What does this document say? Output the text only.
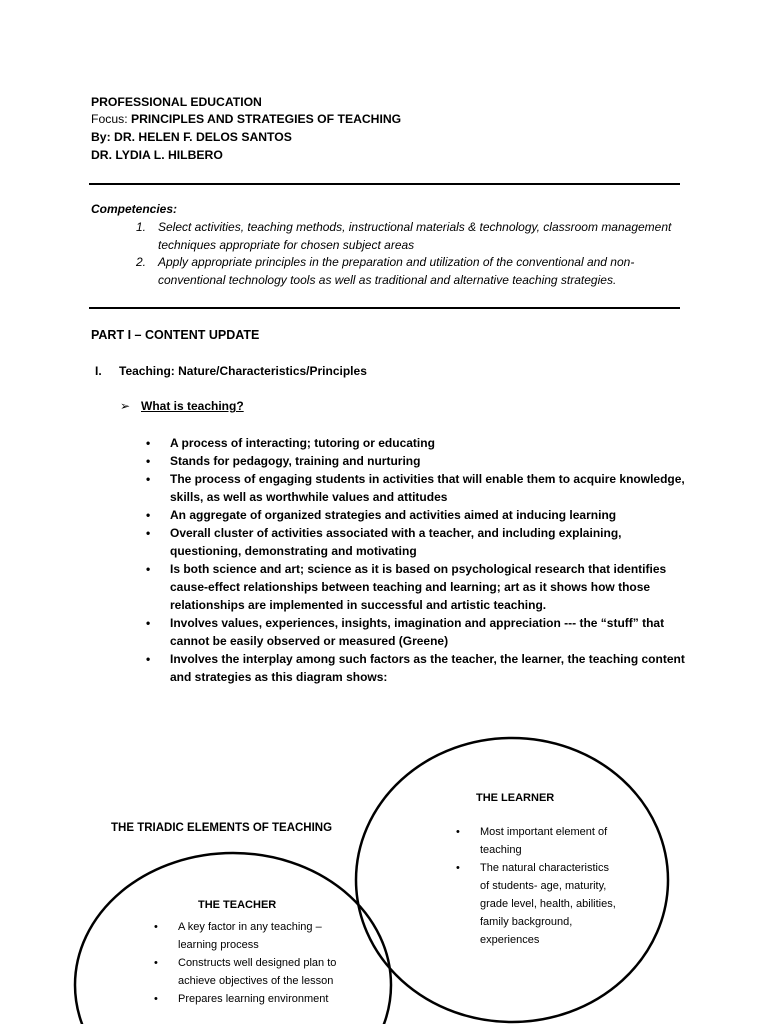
PROFESSIONAL EDUCATION
Focus: PRINCIPLES AND STRATEGIES OF TEACHING
By: DR. HELEN F. DELOS SANTOS
DR. LYDIA L. HILBERO
Competencies:
1. Select activities, teaching methods, instructional materials & technology, classroom management techniques appropriate for chosen subject areas
2. Apply appropriate principles in the preparation and utilization of the conventional and non-conventional technology tools as well as traditional and alternative teaching strategies.
PART I – CONTENT UPDATE
I. Teaching: Nature/Characteristics/Principles
➢ What is teaching?
• A process of interacting; tutoring or educating
• Stands for pedagogy, training and nurturing
• The process of engaging students in activities that will enable them to acquire knowledge, skills, as well as worthwhile values and attitudes
• An aggregate of organized strategies and activities aimed at inducing learning
• Overall cluster of activities associated with a teacher, and including explaining, questioning, demonstrating and motivating
• Is both science and art; science as it is based on psychological research that identifies cause-effect relationships between teaching and learning; art as it shows how those relationships are implemented in successful and artistic teaching.
• Involves values, experiences, insights, imagination and appreciation --- the “stuff” that cannot be easily observed or measured (Greene)
• Involves the interplay among such factors as the teacher, the learner, the teaching content and strategies as this diagram shows:
THE TRIADIC ELEMENTS OF TEACHING
THE LEARNER
• Most important element of teaching
• The natural characteristics of students- age, maturity, grade level, health, abilities, family background, experiences
THE TEACHER
• A key factor in any teaching – learning process
• Constructs well designed plan to achieve objectives of the lesson
• Prepares learning environment
